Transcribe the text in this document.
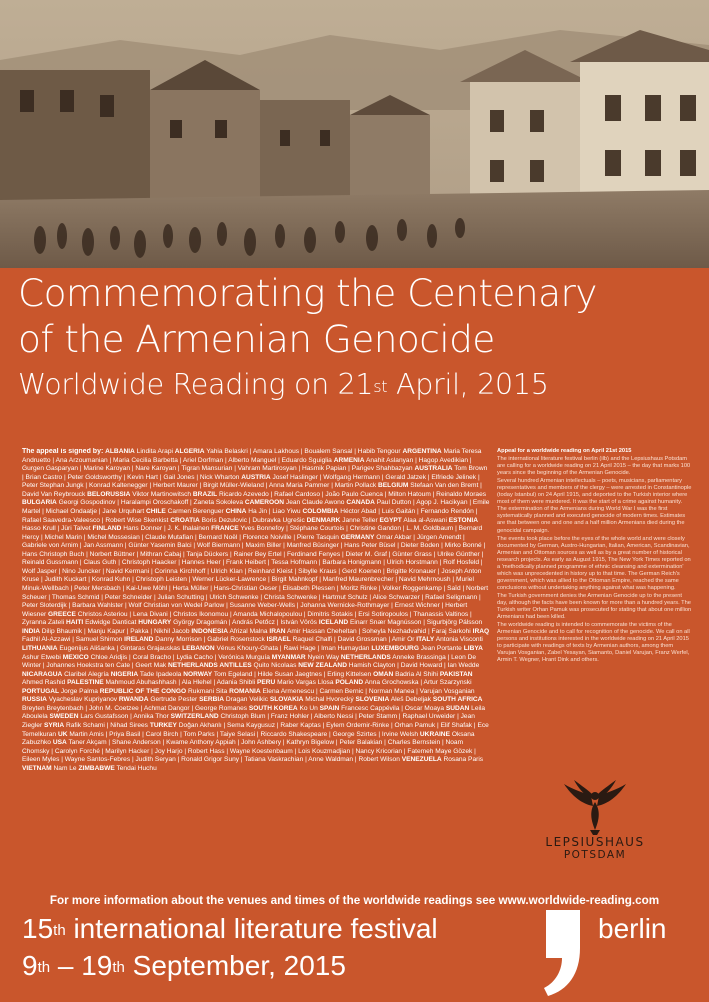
Commemorating the Centenary
of the Armenian Genocide
Worldwide Reading on 21st April, 2015
The appeal is signed by: ALBANIA Lindita Arapi ALGERIA Yahia Belaskri | Amara Lakhous | Boualem Sansal | Habib Tengour ARGENTINA Maria Teresa Andruetto | Ana Arzoumanian | Maria Cecilia Barbetta | Ariel Dorfman | Alberto Manguel | Eduardo Sguiglia ARMENIA Anahit Aslanyan | Hagop Avedikian | Gurgen Gasparyan | Marine Karoyan | Nare Karoyan | Tigran Mansurian | Vahram Martirosyan | Hasmik Papian | Parigev Shahbazyan AUSTRALIA Tom Brown | Brian Castro | Peter Goldsworthy | Kevin Hart | Gail Jones | Nick Wharton AUSTRIA Josef Haslinger | Wolfgang Hermann | Gerald Jatzek | Elfriede Jelinek | Peter Stephan Jungk | Konrad Kaltenegger | Herbert Maurer | Birgit Müller-Wieland | Anna Maria Pammer | Martin Pollack BELGIUM Stefaan Van den Bremt | David Van Reybrouck BELORUSSIA Viktor Martinowitsch BRAZIL Ricardo Azevedo | Rafael Cardoso | João Paulo Cuenca | Milton Hatoum | Reinaldo Moraes BULGARIA Georgi Gospodinov | Haralampi Oroschakoff | Zaneta Sokoleva CAMEROON Jean Claude Awono CANADA Paul Dutton | Agop J. Hacikyan | Emile Martel | Michael Ondaatje | Jane Urquhart CHILE Carmen Berenguer CHINA Ha Jin | Liao Yiwu COLOMBIA Héctor Abad | Luis Gaitán | Fernando Rendón | Rafael Saavedra-Valeesco | Robert Wise Skenkist CROATIA Boris Dezulovic | Dubravka Ugrešic DENMARK Janne Teller EGYPT Alaa al-Aswani ESTONIA Hasso Krull | Jüri Talvet FINLAND Hans Donner | J. K. Ihalainen FRANCE Yves Bonnefoy | Stéphane Courtois | Christine Gandon | L. M. Goldbaum | Bernard Hercy | Michel Marin | Michel Mossesian | Claude Mutafian | Bernard Noël | Florence Noiville | Pierre Tasquin GERMANY Omar Akbar | Jürgen Amendt | Gabriele von Arnim | Jan Assmann | Günter Yasemin Balci | Wolf Biermann | Maxim Biller | Manfred Büsinger | Hans Peter Büsel | Dieter Boden | Mirko Bonné | Hans Christoph Buch | Norbert Büttner | Mithran Cabaj | Tanja Dückers | Rainer Bey Ertel | Ferdinand Fenyes | Dieter M. Graf | Günter Grass | Ulrike Günther | Reinald Gussmann | Claus Guth | Christoph Haacker | Hannes Heer | Frank Heibert | Tessa Hofmann | Barbara Honigmann | Ulrich Horstmann | Rolf Hosfeld | Wolf Jasper | Nino Juncker | Navid Kermani | Corinna Kirchhoff | Ulrich Klan | Reinhard Kleist | Sibylle Kraus | Gerd Koenen | Brigitte Kronauer | Joseph Anton Kruse | Judith Kuckart | Konrad Kuhn | Christoph Leisten | Werner Lücker-Lawrence | Birgit Mahnkopf | Manfred Maurenbrecher | Navid Mehrnoush | Muriel Minuk-Wellbach | Peter Mersbach | Kai-Uwe Möhl | Herta Müller | Hans-Christian Oeser | Elisabeth Plessen | Moritz Rinke | Volker Roggenkamp | Saïd | Norbert Scheuer | Thomas Schmid | Peter Schneider | Julian Schutting | Ulrich Schwenke | Christa Schwenke | Hartmut Schulz | Alice Schwarzer | Rafael Seligmann | Peter Sloterdijk | Barbara Wahlster | Wolf Christian von Wedel Parlow | Susanne Weber-Wells | Johanna Wernicke-Rothmayer | Ernest Wichner | Herbert Wiesner GREECE Christos Asteriou | Lena Divani | Christos Ikonomou | Amanda Michalopoulou | Dimitris Sotakis | Ersi Sotiropoulos | Thanassis Valtinos | Zyranna Zateli HAITI Edwidge Danticat HUNGARY György Dragomán | András Petőcz | István Vörös ICELAND Einarr Snær Magnússon | Sigurbjörg Pálsson INDIA Dilip Bhaumik | Manju Kapur | Pakka | Nikhil Jacob INDONESIA Afrizal Malna IRAN Amir Hassan Cheheltan | Soheyla Nezhadvahid | Faraj Sarkohi IRAQ Fadhil Al-Azzawi | Samuel Shimon IRELAND Danny Morrison | Gabriel Rosenstock ISRAEL Raquel Chalfi | David Grossman | Amir Or ITALY Antonia Visconti LITHUANIA Eugenijus Ališanka | Gintaras Grajauskas LEBANON Vénus Khoury-Ghata | Rawi Hage | Iman Humaydan LUXEMBOURG Jean Portante LIBYA Ashur Etwebi MEXICO Chloe Aridjis | Coral Bracho | Lydia Cacho | Verónica Murguía MYANMAR Nyein Way NETHERLANDS Anneke Brassinga | Leon De Winter | Johannes Hoekstra ten Cate | Geert Mak NETHERLANDS ANTILLES Quito Nicolaas NEW ZEALAND Hamish Clayton | David Howard | Ian Wedde NICARAGUA Claribel Alegría NIGERIA Tade Ipadeola NORWAY Tom Egeland | Hilde Susan Jaegtnes | Erling Kittelsen OMAN Badria Al Shihi PAKISTAN Ahmed Rashid PALESTINE Mahmoud Abuhashhash | Ala Hlehel | Adania Shibli PERU Mario Vargas Llosa POLAND Anna Grochowska | Artur Szarzynski PORTUGAL Jorge Palma REPUBLIC OF THE CONGO Rukmani Sita ROMANIA Elena Armenescu | Carmen Bernic | Norman Manea | Varujan Vosganian RUSSIA Vyacheslav Kupriyanov RWANDA Gertrude Pester SERBIA Dragan Velikic SLOVAKIA Michal Hvorecký SLOVENIA Aleš Debeljak SOUTH AFRICA Breyten Breytenbach | John M. Coetzee | Achmat Dangor | George Romanes SOUTH KOREA Ko Un SPAIN Francesc Cappévila | Oscar Moaya SUDAN Leila Aboulela SWEDEN Lars Gustafsson | Annika Thor SWITZERLAND Christoph Blum | Franz Hohler | Alberto Nessi | Peter Stamm | Raphael Urweider | Jean Ziegler SYRIA Rafik Schami | Nihad Sirees TURKEY Doğan Akhanlı | Sema Kaygusuz | Raber Kaptas | Eylem Ordemir-Rinke | Orhan Pamuk | Elif Shafak | Ece Temelkuran UK Martin Amis | Priya Basil | Carol Birch | Tom Parks | Taiye Selasi | Riccardo Shakespeare | George Szirtes | Irvine Welsh UKRAINE Oksana Zabuzhko USA Taner Akçam | Shane Anderson | Kwame Anthony Appiah | John Ashbery | Kathryn Bigelow | Peter Balakian | Charles Bernstein | Noam Chomsky | Carolyn Forché | Marilyn Hacker | Joy Harjo | Robert Hass | Wayne Koestenbaum | Lois Kouzmadjian | Nancy Kricorian | Fatemeh Maye Gözek | Eileen Myles | Wayne Santos-Febres | Judith Seryan | Ronald Grigor Suny | Tatiana Vaskrachian | Anne Waldman | Robert Wilson VENEZUELA Rosana Paris VIETNAM Nam Le ZIMBABWE Tendai Huchu

Appeal for a worldwide reading on April 21st 2015

The international literature festival berlin (ilb) and the Lepsiushaus Potsdam are calling for a worldwide reading on 21 April 2015 – the day that marks 100 years since the beginning of the Armenian Genocide.

Several hundred Armenian intellectuals – poets, musicians, parliamentary representatives and members of the clergy – were arrested in Constantinople (today Istanbul) on 24 April 1915, and deported to the Turkish interior where most of them were murdered. It was the start of a crime against humanity. The extermination of the Armenians during World War I was the first systematically planned and executed genocide of modern times. Estimates are that between one and one and a half million Armenians died during the genocidal campaign.

The events took place before the eyes of the whole world and were closely documented by German, Austro-Hungarian, Italian, American, Scandinavian, Armenian and Ottoman sources as well as by a great number of historical research projects. As early as August 1915, The New York Times reported on a 'methodically planned programme of ethnic cleansing and extermination' which was unprecedented in history up to that time. The German Reich's government, which was allied to the Ottoman Empire, reached the same conclusions without undertaking anything against what was happening.

The Turkish government denies the Armenian Genocide up to the present day, although the facts have been known for more than a hundred years. The Turkish writer Orhan Pamuk was prosecuted for stating that about one million Armenians had been killed.

The worldwide reading is intended to commemorate the victims of the Armenian Genocide and to call for recognition of the genocide. We call on all persons and institutions interested in the worldwide reading on 21 April 2015 to participate with readings of texts by Armenian authors, among them Varujan Vosganian, Zabel Yesayan, Siamanto, Daniel Varujan, Franz Werfel, Armin T. Wegner, Hrant Dink and others.

LEPSIUSHAUS
POTSDAM
For more information about the venues and times of the worldwide readings see www.worldwide-reading.com
15th international literature festival
9th – 19th September, 2015
berlin
